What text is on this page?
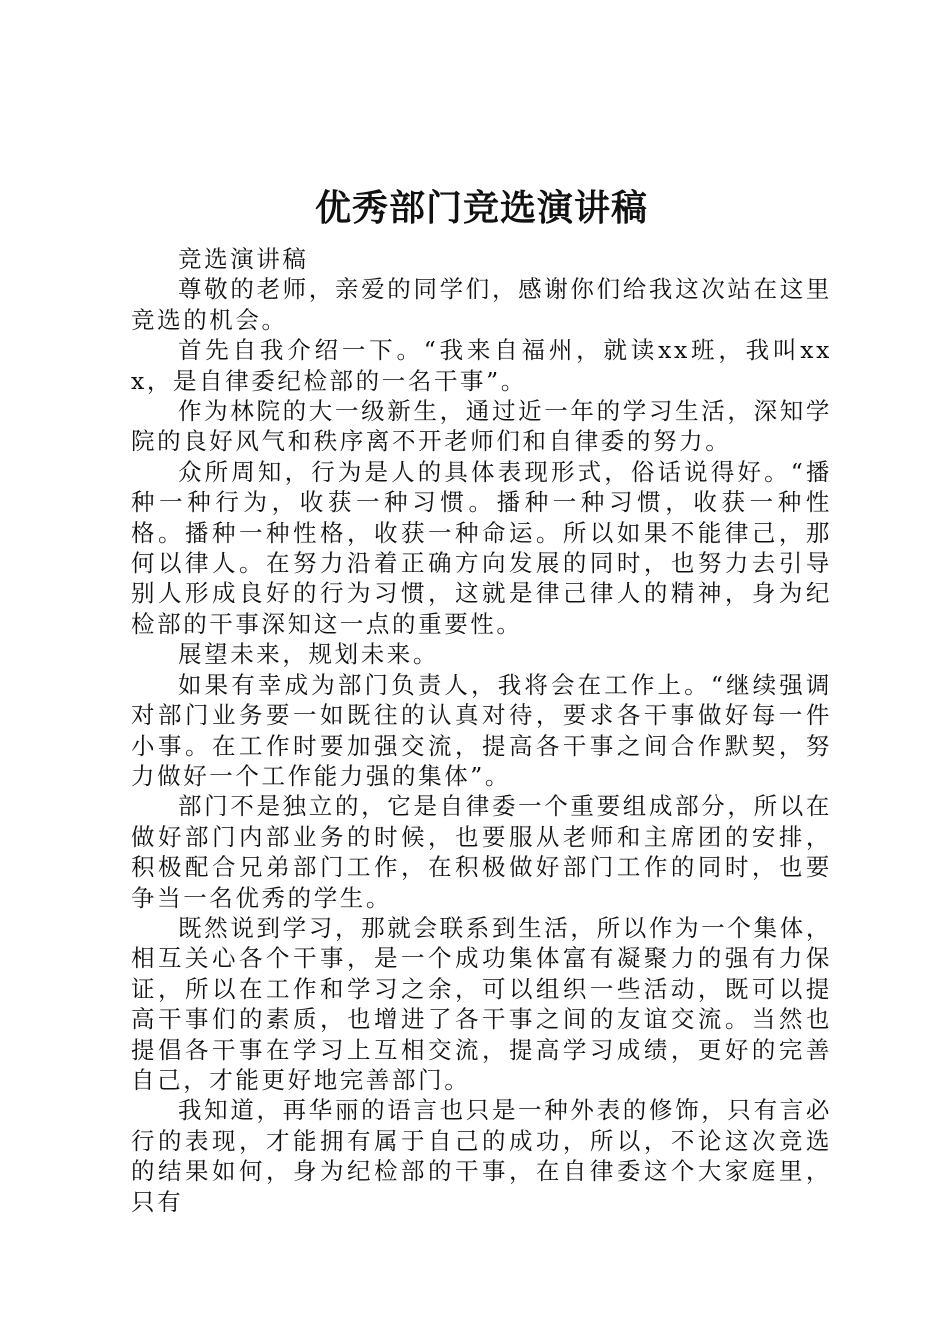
优秀部门竞选演讲稿

竞选演讲稿

尊敬的老师，亲爱的同学们，感谢你们给我这次站在这里竞选的机会。

首先自我介绍一下。“我来自福州，就读xx班，我叫xxx，是自律委纪检部的一名干事”。

作为林院的大一级新生，通过近一年的学习生活，深知学院的良好风气和秩序离不开老师们和自律委的努力。

众所周知，行为是人的具体表现形式，俗话说得好。“播种一种行为，收获一种习惯。播种一种习惯，收获一种性格。播种一种性格，收获一种命运。所以如果不能律己，那何以律人。在努力沿着正确方向发展的同时，也努力去引导别人形成良好的行为习惯，这就是律己律人的精神，身为纪检部的干事深知这一点的重要性。

展望未来，规划未来。

如果有幸成为部门负责人，我将会在工作上。“继续强调对部门业务要一如既往的认真对待，要求各干事做好每一件小事。在工作时要加强交流，提高各干事之间合作默契，努力做好一个工作能力强的集体”。

部门不是独立的，它是自律委一个重要组成部分，所以在做好部门内部业务的时候，也要服从老师和主席团的安排，积极配合兄弟部门工作，在积极做好部门工作的同时，也要争当一名优秀的学生。

既然说到学习，那就会联系到生活，所以作为一个集体，相互关心各个干事，是一个成功集体富有凝聚力的强有力保证，所以在工作和学习之余，可以组织一些活动，既可以提高干事们的素质，也增进了各干事之间的友谊交流。当然也提倡各干事在学习上互相交流，提高学习成绩，更好的完善自己，才能更好地完善部门。

我知道，再华丽的语言也只是一种外表的修饰，只有言必行的表现，才能拥有属于自己的成功，所以，不论这次竞选的结果如何，身为纪检部的干事，在自律委这个大家庭里，只有
